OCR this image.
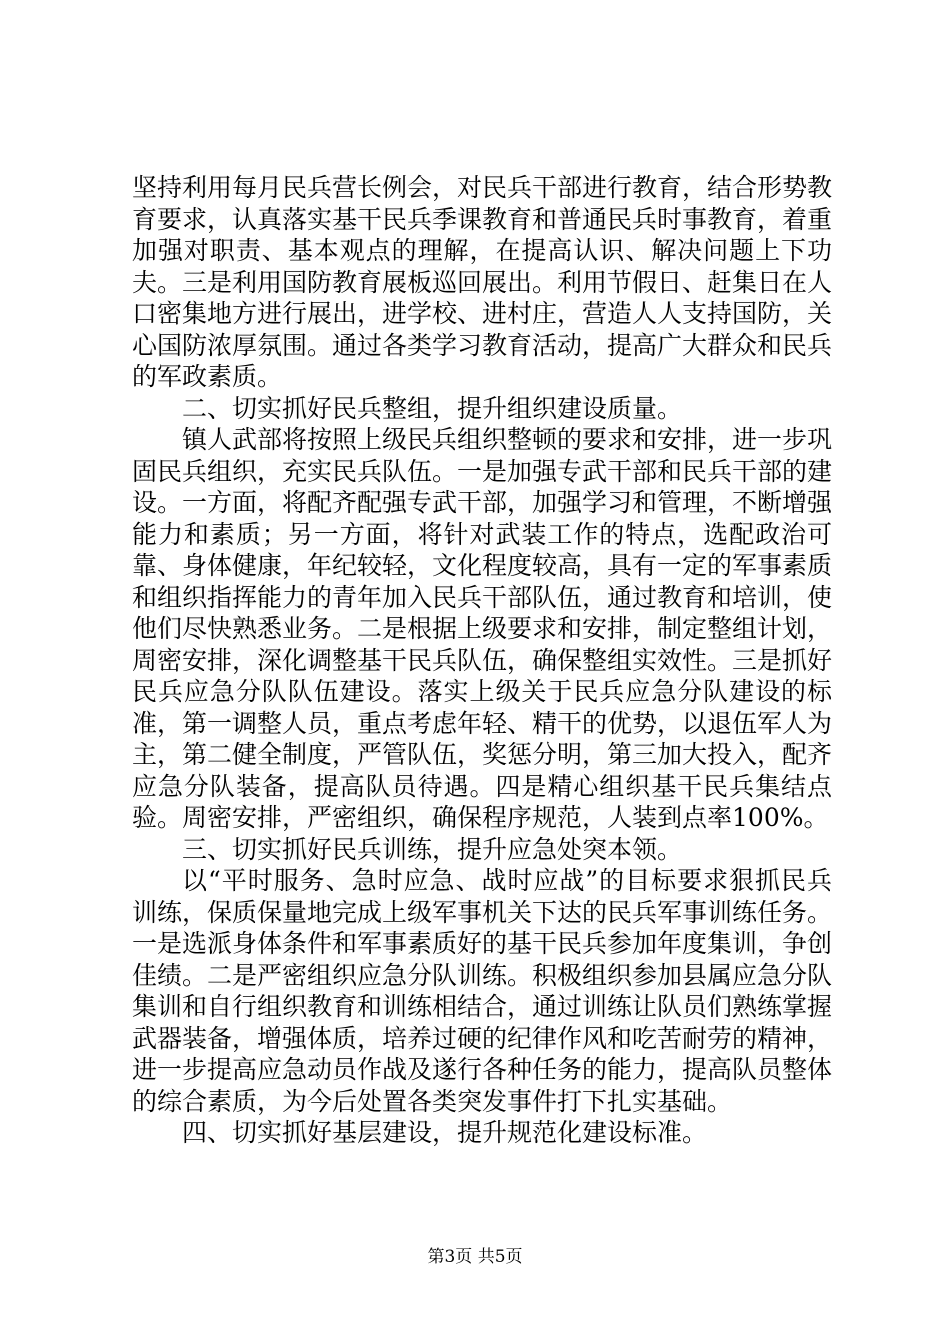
坚持利用每月民兵营长例会，对民兵干部进行教育，结合形势教育要求，认真落实基干民兵季课教育和普通民兵时事教育，着重加强对职责、基本观点的理解，在提高认识、解决问题上下功夫。三是利用国防教育展板巡回展出。利用节假日、赶集日在人口密集地方进行展出，进学校、进村庄，营造人人支持国防，关心国防浓厚氛围。通过各类学习教育活动，提高广大群众和民兵的军政素质。

二、切实抓好民兵整组，提升组织建设质量。

镇人武部将按照上级民兵组织整顿的要求和安排，进一步巩固民兵组织，充实民兵队伍。一是加强专武干部和民兵干部的建设。一方面，将配齐配强专武干部，加强学习和管理，不断增强能力和素质；另一方面，将针对武装工作的特点，选配政治可靠、身体健康，年纪较轻，文化程度较高，具有一定的军事素质和组织指挥能力的青年加入民兵干部队伍，通过教育和培训，使他们尽快熟悉业务。二是根据上级要求和安排，制定整组计划，周密安排，深化调整基干民兵队伍，确保整组实效性。三是抓好民兵应急分队队伍建设。落实上级关于民兵应急分队建设的标准，第一调整人员，重点考虑年轻、精干的优势，以退伍军人为主，第二健全制度，严管队伍，奖惩分明，第三加大投入，配齐应急分队装备，提高队员待遇。四是精心组织基干民兵集结点验。周密安排，严密组织，确保程序规范，人装到点率100%。

三、切实抓好民兵训练，提升应急处突本领。

以“平时服务、急时应急、战时应战”的目标要求狠抓民兵训练，保质保量地完成上级军事机关下达的民兵军事训练任务。一是选派身体条件和军事素质好的基干民兵参加年度集训，争创佳绩。二是严密组织应急分队训练。积极组织参加县属应急分队集训和自行组织教育和训练相结合，通过训练让队员们熟练掌握武器装备，增强体质，培养过硬的纪律作风和吃苦耐劳的精神，进一步提高应急动员作战及遂行各种任务的能力，提高队员整体的综合素质，为今后处置各类突发事件打下扎实基础。

四、切实抓好基层建设，提升规范化建设标准。

第3页 共5页
